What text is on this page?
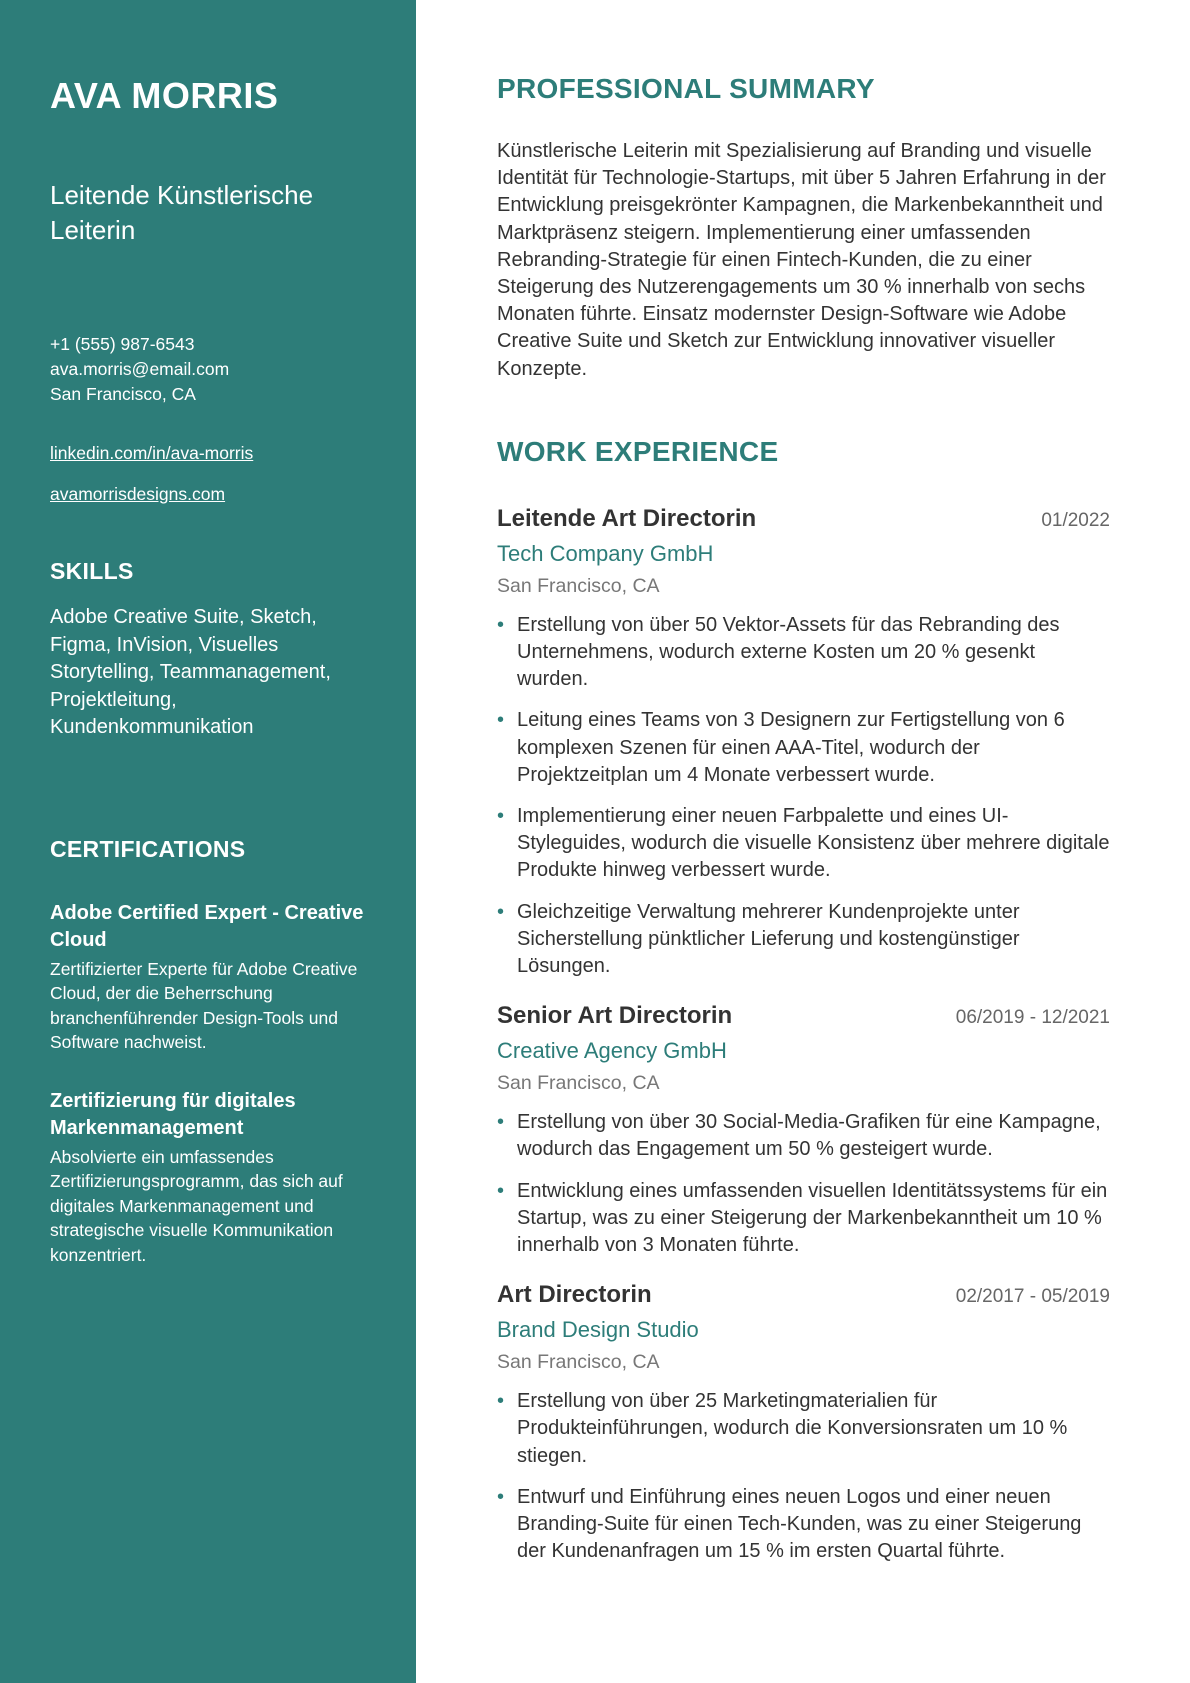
AVA MORRIS
Leitende Künstlerische Leiterin
+1 (555) 987-6543
ava.morris@email.com
San Francisco, CA
linkedin.com/in/ava-morris
avamorrisdesigns.com
SKILLS
Adobe Creative Suite, Sketch, Figma, InVision, Visuelles Storytelling, Teammanagement, Projektleitung, Kundenkommunikation
CERTIFICATIONS
Adobe Certified Expert - Creative Cloud
Zertifizierter Experte für Adobe Creative Cloud, der die Beherrschung branchenführender Design-Tools und Software nachweist.
Zertifizierung für digitales Markenmanagement
Absolvierte ein umfassendes Zertifizierungsprogramm, das sich auf digitales Markenmanagement und strategische visuelle Kommunikation konzentriert.
PROFESSIONAL SUMMARY

Künstlerische Leiterin mit Spezialisierung auf Branding und visuelle Identität für Technologie-Startups, mit über 5 Jahren Erfahrung in der Entwicklung preisgekrönter Kampagnen, die Markenbekanntheit und Marktpräsenz steigern. Implementierung einer umfassenden Rebranding-Strategie für einen Fintech-Kunden, die zu einer Steigerung des Nutzerengagements um 30 % innerhalb von sechs Monaten führte. Einsatz modernster Design-Software wie Adobe Creative Suite und Sketch zur Entwicklung innovativer visueller Konzepte.

WORK EXPERIENCE
Leitende Art Directorin	01/2022
Tech Company GmbH
San Francisco, CA
• Erstellung von über 50 Vektor-Assets für das Rebranding des Unternehmens, wodurch externe Kosten um 20 % gesenkt wurden.
• Leitung eines Teams von 3 Designern zur Fertigstellung von 6 komplexen Szenen für einen AAA-Titel, wodurch der Projektzeitplan um 4 Monate verbessert wurde.
• Implementierung einer neuen Farbpalette und eines UI-Styleguides, wodurch die visuelle Konsistenz über mehrere digitale Produkte hinweg verbessert wurde.
• Gleichzeitige Verwaltung mehrerer Kundenprojekte unter Sicherstellung pünktlicher Lieferung und kostengünstiger Lösungen.
Senior Art Directorin	06/2019 - 12/2021
Creative Agency GmbH
San Francisco, CA
• Erstellung von über 30 Social-Media-Grafiken für eine Kampagne, wodurch das Engagement um 50 % gesteigert wurde.
• Entwicklung eines umfassenden visuellen Identitätssystems für ein Startup, was zu einer Steigerung der Markenbekanntheit um 10 % innerhalb von 3 Monaten führte.
Art Directorin	02/2017 - 05/2019
Brand Design Studio
San Francisco, CA
• Erstellung von über 25 Marketingmaterialien für Produkteinführungen, wodurch die Konversionsraten um 10 % stiegen.
• Entwurf und Einführung eines neuen Logos und einer neuen Branding-Suite für einen Tech-Kunden, was zu einer Steigerung der Kundenanfragen um 15 % im ersten Quartal führte.
